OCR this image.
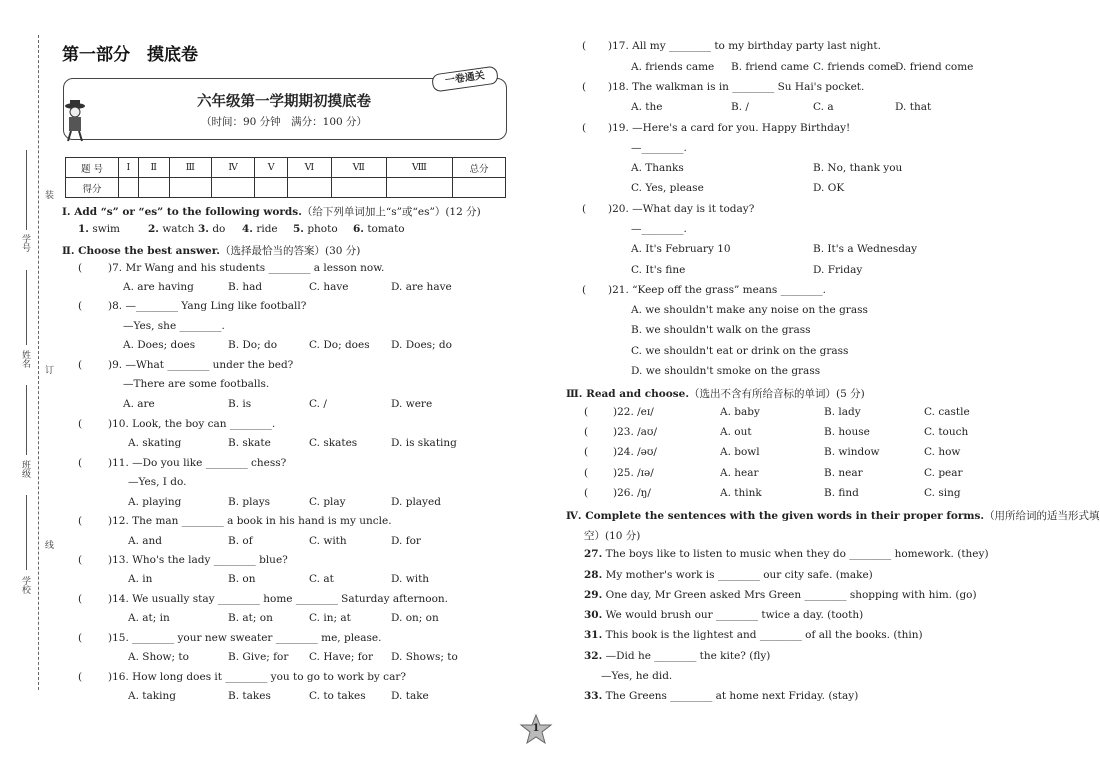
装
订
线
学号
姓名
班级
学校
第一部分　摸底卷
一卷通关
六年级第一学期期初摸底卷
（时间：90 分钟　满分：100 分）
题 号	Ⅰ	Ⅱ	Ⅲ	Ⅳ	Ⅴ	Ⅵ	Ⅶ	Ⅷ	总分
得分									
Ⅰ. Add “s” or “es” to the following words.（给下列单词加上“s”或“es”）(12 分)
1. swim	2. watch 3. do 4. ride 5. photo 6. tomato
Ⅱ. Choose the best answer.（选择最恰当的答案）(30 分)
( )7. Mr Wang and his students ________ a lesson now.
A. are having	B. had	C. have	D. are have
( )8. —________ Yang Ling like football?
—Yes, she ________.
A. Does; does	B. Do; do	C. Do; does D. Does; do
( )9. —What ________ under the bed?
—There are some footballs.
A. are	B. is	C. /	D. were
( )10. Look, the boy can ________.
A. skating	B. skate	C. skates	D. is skating
( )11. —Do you like ________ chess?
—Yes, I do.
A. playing	B. plays	C. play	D. played
( )12. The man ________ a book in his hand is my uncle.
A. and	B. of	C. with	D. for
( )13. Who's the lady ________ blue?
A. in	B. on	C. at	D. with
( )14. We usually stay ________ home ________ Saturday afternoon.
A. at; in	B. at; on	C. in; at	D. on; on
( )15. ________ your new sweater ________ me, please.
A. Show; to	B. Give; for C. Have; for D. Shows; to
( )16. How long does it ________ you to go to work by car?
A. taking	B. takes	C. to takes D. take
( )17. All my ________ to my birthday party last night.
A. friends came B. friend came C. friends come
D. friend come
( )18. The walkman is in ________ Su Hai's pocket.
A. the	B. /	C. a	D. that
( )19. —Here's a card for you. Happy Birthday!
—________.
A. Thanks	B. No, thank you
C. Yes, please	D. OK
( )20. —What day is it today?
—________.
A. It's February 10	B. It's a Wednesday
C. It's fine	D. Friday
( )21. “Keep off the grass” means ________.
A. we shouldn't make any noise on the grass
B. we shouldn't walk on the grass
C. we shouldn't eat or drink on the grass
D. we shouldn't smoke on the grass
Ⅲ. Read and choose.（选出不含有所给音标的单词）(5 分)
( )22. /eɪ/	A. baby	B. lady	C. castle
( )23. /aʊ/	A. out	B. house	C. touch
( )24. /əʊ/	A. bowl	B. window	C. how
( )25. /ɪə/	A. hear	B. near	C. pear
( )26. /ŋ/	A. think	B. find	C. sing
Ⅳ. Complete the sentences with the given words in their proper forms.（用所给词的适当形式填
空）(10 分)
27. The boys like to listen to music when they do ________ homework. (they)
28. My mother's work is ________ our city safe. (make)
29. One day, Mr Green asked Mrs Green ________ shopping with him. (go)
30. We would brush our ________ twice a day. (tooth)
31. This book is the lightest and ________ of all the books. (thin)
32. —Did he ________ the kite? (fly)
—Yes, he did.
33. The Greens ________ at home next Friday. (stay)
1
